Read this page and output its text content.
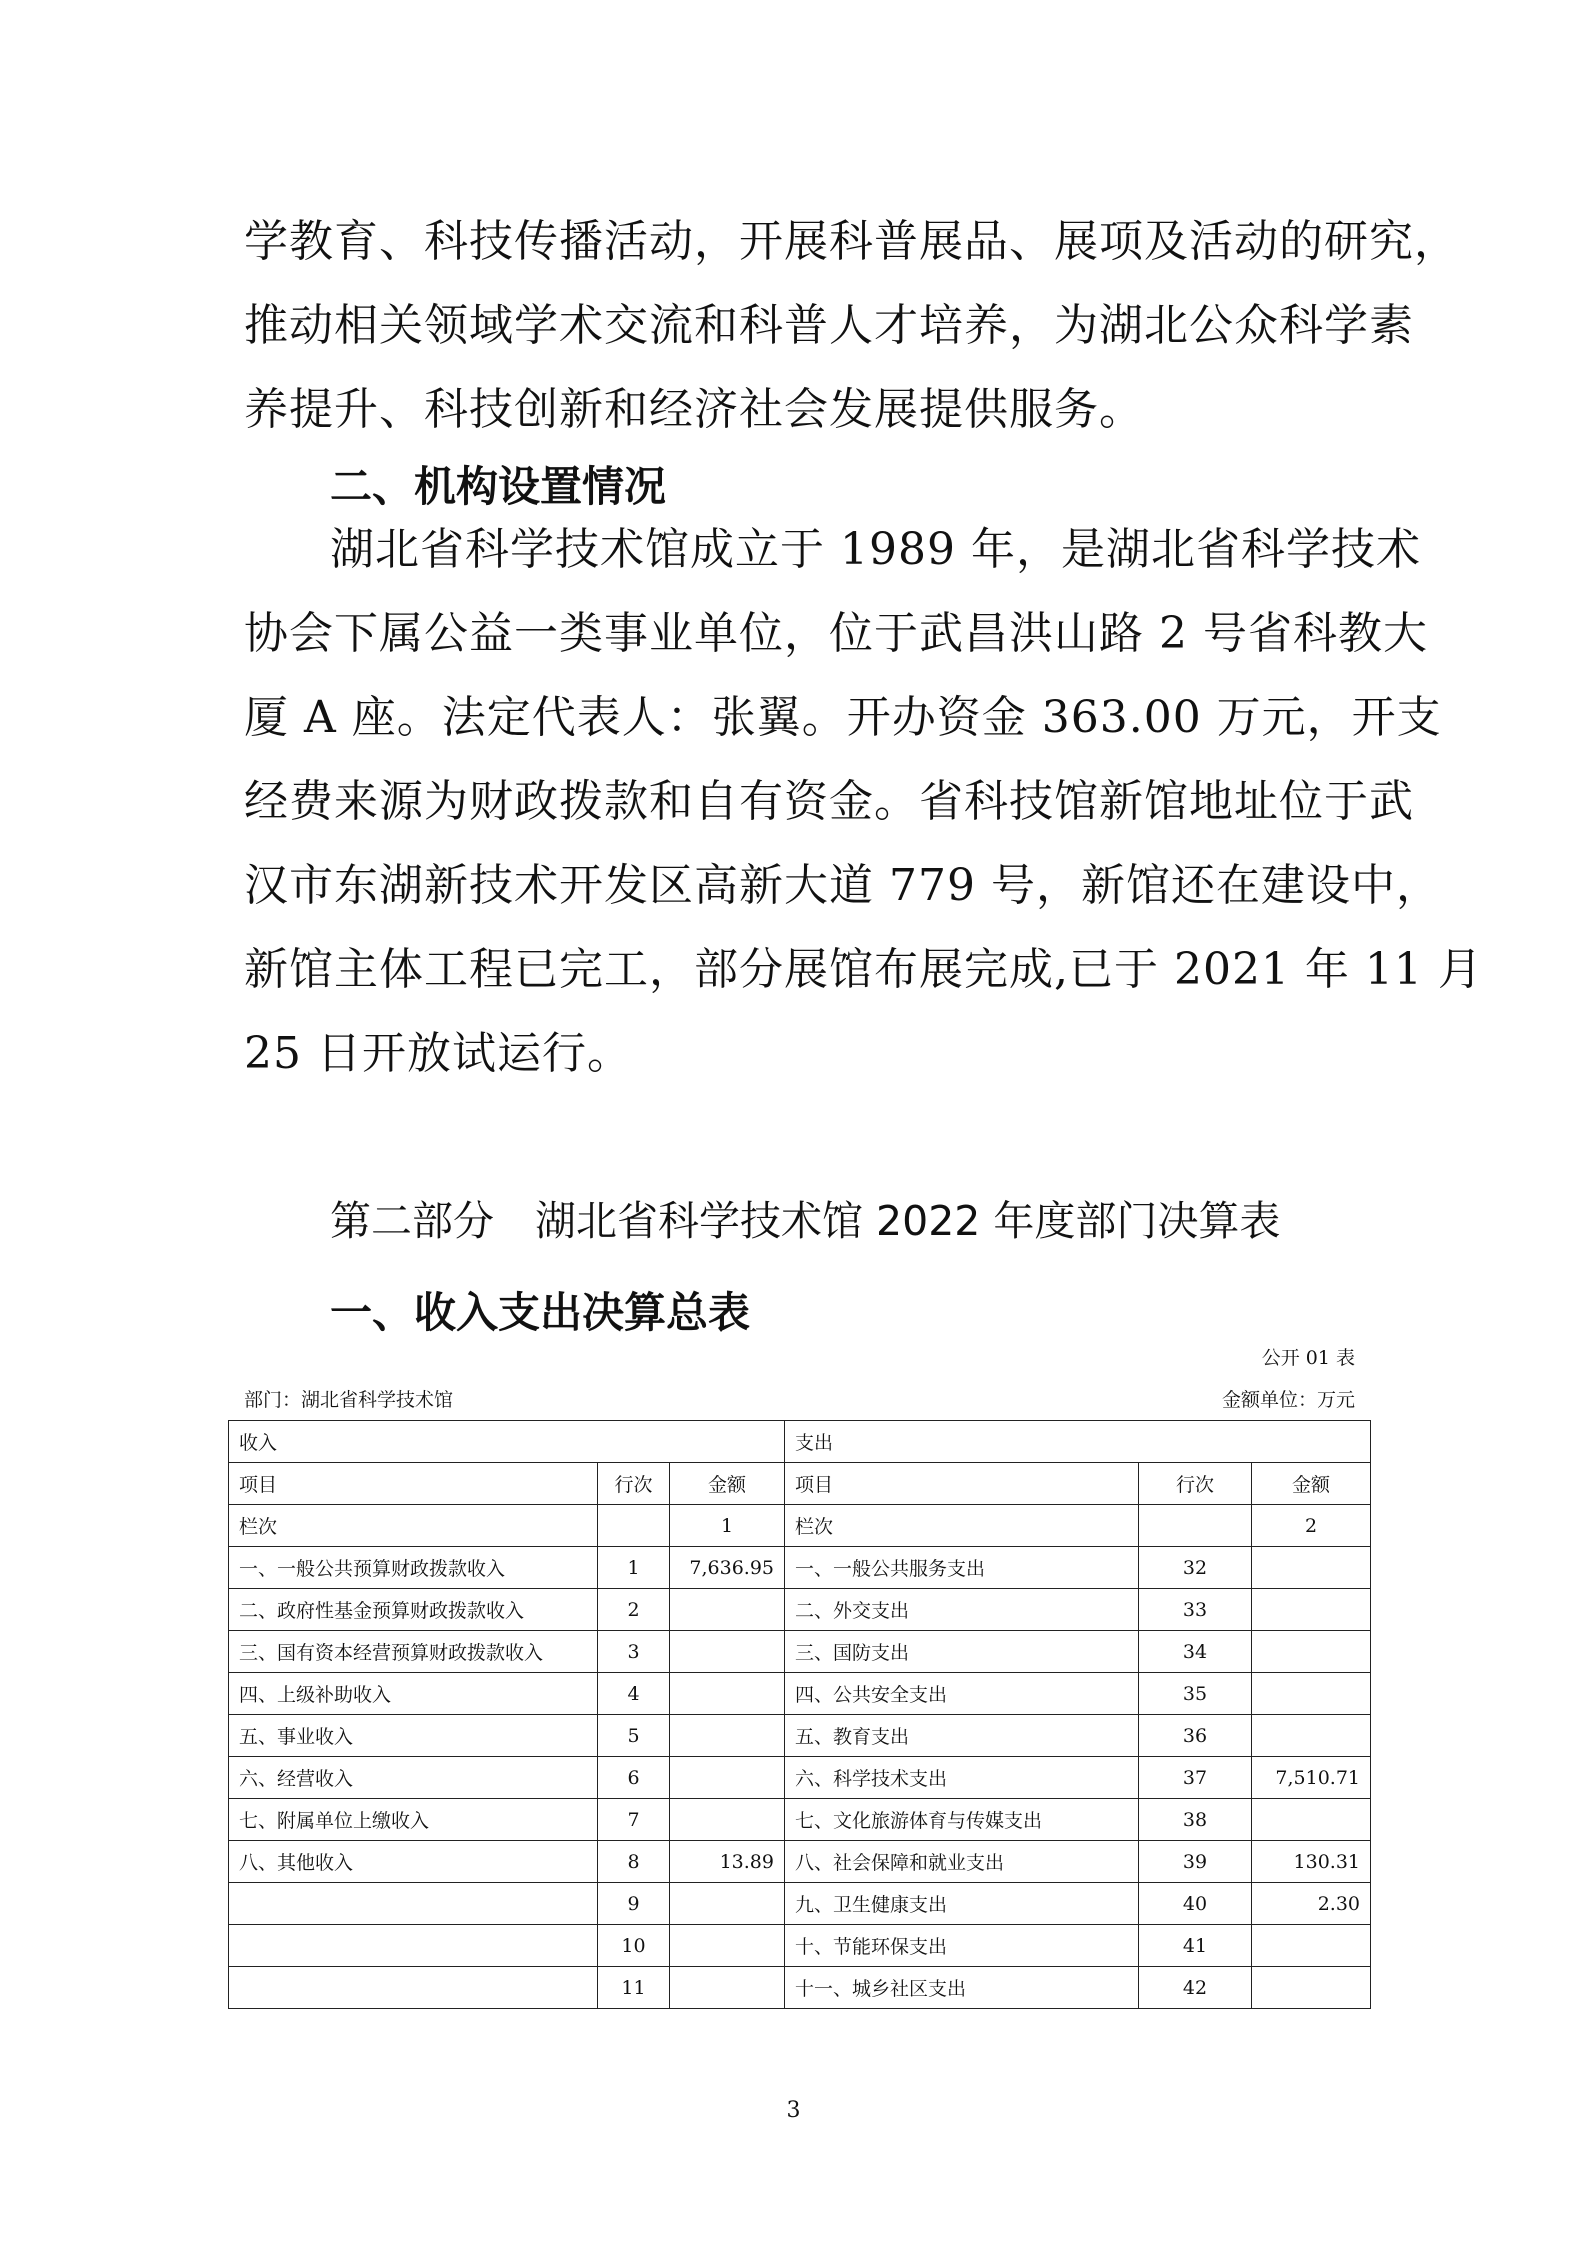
学教育、科技传播活动，开展科普展品、展项及活动的研究，
推动相关领域学术交流和科普人才培养，为湖北公众科学素
养提升、科技创新和经济社会发展提供服务。
二、机构设置情况
湖北省科学技术馆成立于 1989 年，是湖北省科学技术
协会下属公益一类事业单位，位于武昌洪山路 2 号省科教大
厦 A 座。法定代表人：张翼。开办资金 363.00 万元，开支
经费来源为财政拨款和自有资金。省科技馆新馆地址位于武
汉市东湖新技术开发区高新大道 779 号，新馆还在建设中，
新馆主体工程已完工，部分展馆布展完成,已于 2021 年 11 月
25 日开放试运行。
第二部分　湖北省科学技术馆 2022 年度部门决算表
一、收入支出决算总表
公开 01 表
部门：湖北省科学技术馆	金额单位：万元
收入			支出		
项目	行次	金额	项目	行次	金额
栏次		1	栏次		2
一、一般公共预算财政拨款收入	1	7,636.95	一、一般公共服务支出	32	
二、政府性基金预算财政拨款收入	2		二、外交支出	33	
三、国有资本经营预算财政拨款收入	3		三、国防支出	34	
四、上级补助收入	4		四、公共安全支出	35	
五、事业收入	5		五、教育支出	36	
六、经营收入	6		六、科学技术支出	37	7,510.71
七、附属单位上缴收入	7		七、文化旅游体育与传媒支出	38	
八、其他收入	8	13.89	八、社会保障和就业支出	39	130.31
	9		九、卫生健康支出	40	2.30
	10		十、节能环保支出	41	
	11		十一、城乡社区支出	42	
3
